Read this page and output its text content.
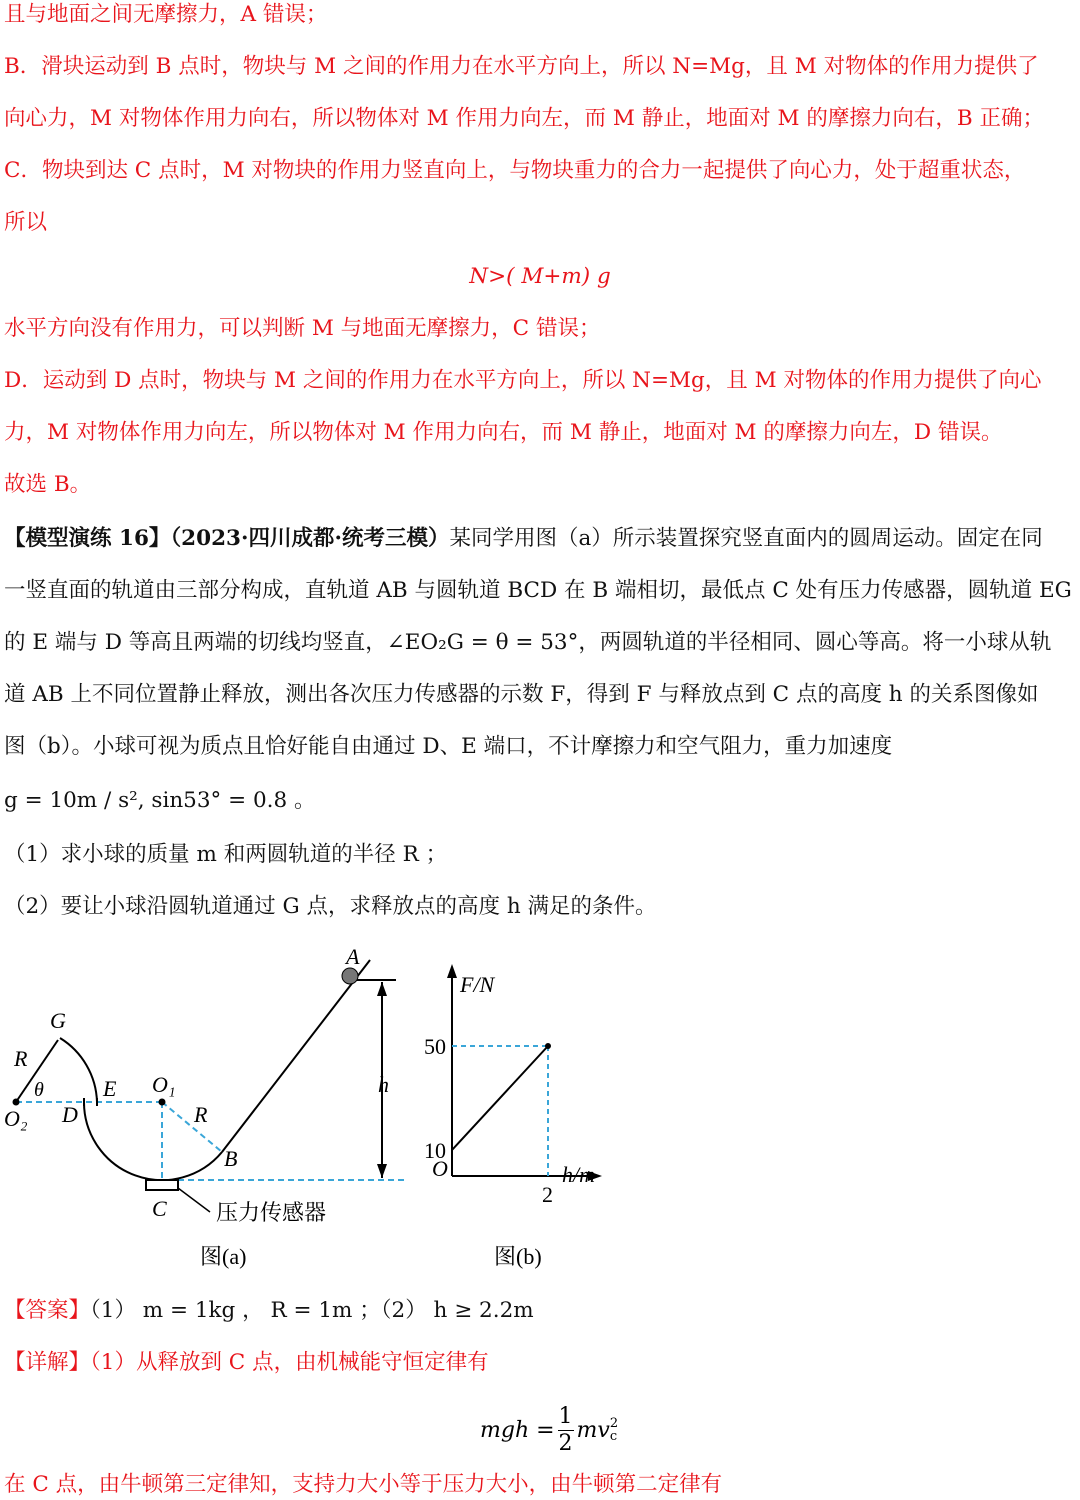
且与地面之间无摩擦力，A 错误；
B．滑块运动到 B 点时，物块与 M 之间的作用力在水平方向上，所以 N=Mg，且 M 对物体的作用力提供了
向心力，M 对物体作用力向右，所以物体对 M 作用力向左，而 M 静止，地面对 M 的摩擦力向右，B 正确；
C．物块到达 C 点时，M 对物块的作用力竖直向上，与物块重力的合力一起提供了向心力，处于超重状态，
所以
N>( M+m) g
水平方向没有作用力，可以判断 M 与地面无摩擦力，C 错误；
D．运动到 D 点时，物块与 M 之间的作用力在水平方向上，所以 N=Mg，且 M 对物体的作用力提供了向心
力，M 对物体作用力向左，所以物体对 M 作用力向右，而 M 静止，地面对 M 的摩擦力向左，D 错误。
故选 B。
【模型演练 16】（2023·四川成都·统考三模）某同学用图（a）所示装置探究竖直面内的圆周运动。固定在同
一竖直面的轨道由三部分构成，直轨道 AB 与圆轨道 BCD 在 B 端相切，最低点 C 处有压力传感器，圆轨道 EG
的 E 端与 D 等高且两端的切线均竖直，∠EO₂G = θ = 53°，两圆轨道的半径相同、圆心等高。将一小球从轨
道 AB 上不同位置静止释放，测出各次压力传感器的示数 F，得到 F 与释放点到 C 点的高度 h 的关系图像如
图（b）。小球可视为质点且恰好能自由通过 D、E 端口，不计摩擦力和空气阻力，重力加速度
g = 10m / s², sin53° = 0.8 。
（1）求小球的质量 m 和两圆轨道的半径 R ；
（2）要让小球沿圆轨道通过 G 点，求释放点的高度 h 满足的条件。
A
G
R
θ	E O₁
O₂ D	R
B
h
C 压力传感器
图(a)
F/N
h/m
O
50
10
2
图(b)
【答案】（1） m = 1kg ， R = 1m ；（2） h ≥ 2.2m
【详解】（1）从释放到 C 点，由机械能守恒定律有
mgh =
1
2
mv 2
c
在 C 点，由牛顿第三定律知，支持力大小等于压力大小，由牛顿第二定律有
